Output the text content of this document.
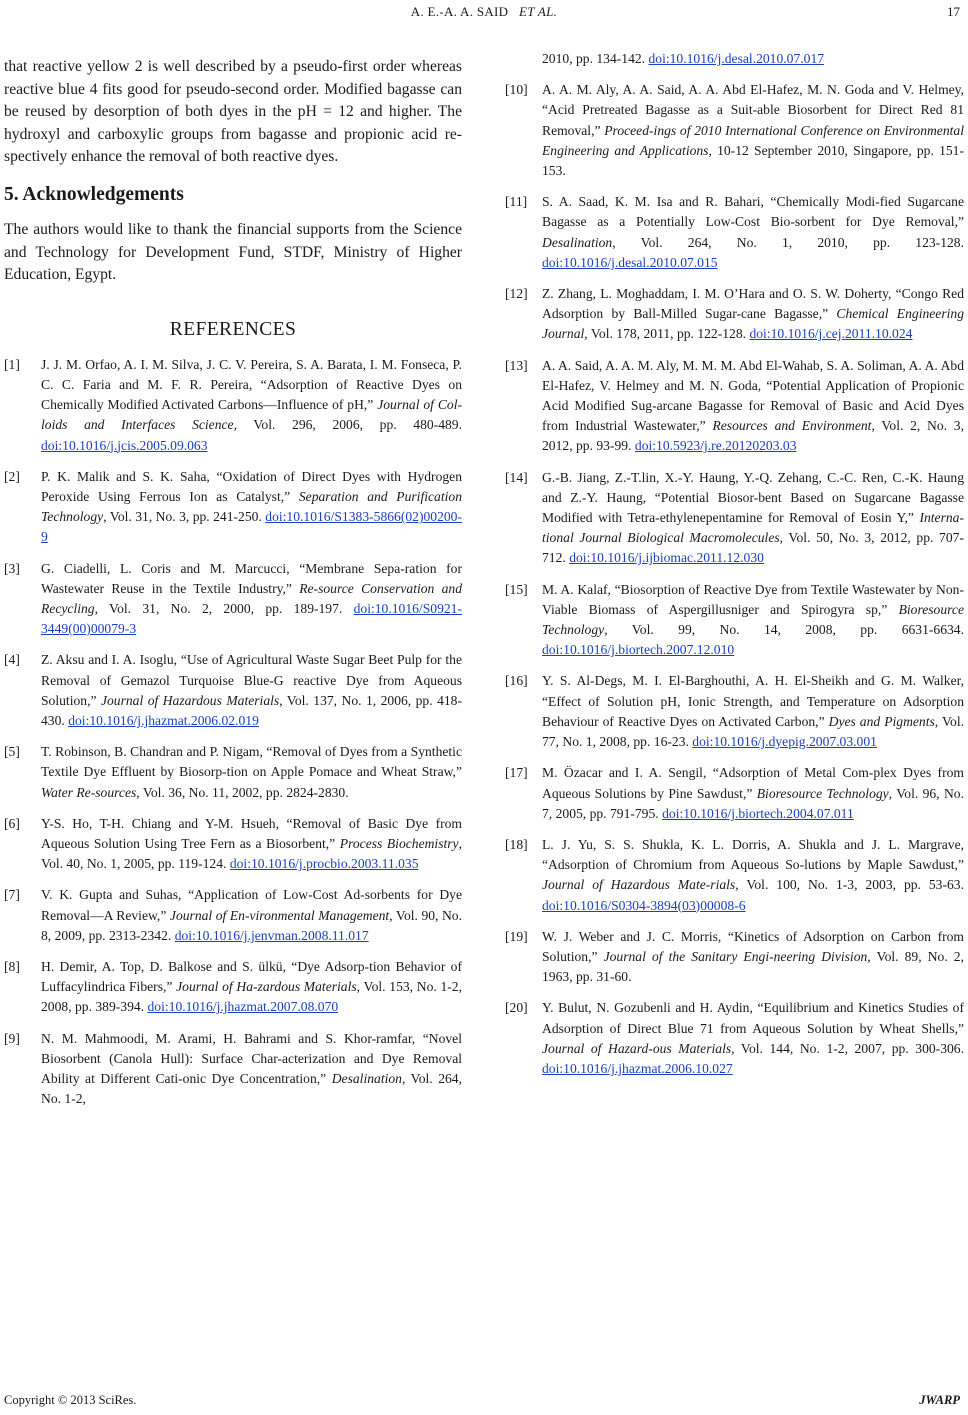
A. E.-A. A. SAID ET AL.	17

that reactive yellow 2 is well described by a pseudo-first order whereas reactive blue 4 fits good for pseudo-second order. Modified bagasse can be reused by desorption of both dyes in the pH = 12 and higher. The hydroxyl and carboxylic groups from bagasse and propionic acid re-spectively enhance the removal of both reactive dyes.

5. Acknowledgements

The authors would like to thank the financial supports from the Science and Technology for Development Fund, STDF, Ministry of Higher Education, Egypt.

REFERENCES
[1] J. J. M. Orfao, A. I. M. Silva, J. C. V. Pereira, S. A. Barata, I. M. Fonseca, P. C. C. Faria and M. F. R. Pereira, “Adsorption of Reactive Dyes on Chemically Modified Activated Carbons—Influence of pH,” Journal of Col-loids and Interfaces Science, Vol. 296, 2006, pp. 480-489. doi:10.1016/j.jcis.2005.09.063
[2] P. K. Malik and S. K. Saha, “Oxidation of Direct Dyes with Hydrogen Peroxide Using Ferrous Ion as Catalyst,” Separation and Purification Technology, Vol. 31, No. 3, pp. 241-250. doi:10.1016/S1383-5866(02)00200-9
[3] G. Ciadelli, L. Coris and M. Marcucci, “Membrane Sepa-ration for Wastewater Reuse in the Textile Industry,” Re-source Conservation and Recycling, Vol. 31, No. 2, 2000, pp. 189-197. doi:10.1016/S0921-3449(00)00079-3
[4] Z. Aksu and I. A. Isoglu, “Use of Agricultural Waste Sugar Beet Pulp for the Removal of Gemazol Turquoise Blue-G reactive Dye from Aqueous Solution,” Journal of Hazardous Materials, Vol. 137, No. 1, 2006, pp. 418-430. doi:10.1016/j.jhazmat.2006.02.019
[5] T. Robinson, B. Chandran and P. Nigam, “Removal of Dyes from a Synthetic Textile Dye Effluent by Biosorp-tion on Apple Pomace and Wheat Straw,” Water Re-sources, Vol. 36, No. 11, 2002, pp. 2824-2830.
[6] Y-S. Ho, T-H. Chiang and Y-M. Hsueh, “Removal of Basic Dye from Aqueous Solution Using Tree Fern as a Biosorbent,” Process Biochemistry, Vol. 40, No. 1, 2005, pp. 119-124. doi:10.1016/j.procbio.2003.11.035
[7] V. K. Gupta and Suhas, “Application of Low-Cost Ad-sorbents for Dye Removal—A Review,” Journal of En-vironmental Management, Vol. 90, No. 8, 2009, pp. 2313-2342. doi:10.1016/j.jenvman.2008.11.017
[8] H. Demir, A. Top, D. Balkose and S. ülkü, “Dye Adsorp-tion Behavior of Luffacylindrica Fibers,” Journal of Ha-zardous Materials, Vol. 153, No. 1-2, 2008, pp. 389-394. doi:10.1016/j.jhazmat.2007.08.070
[9] N. M. Mahmoodi, M. Arami, H. Bahrami and S. Khor-ramfar, “Novel Biosorbent (Canola Hull): Surface Char-acterization and Dye Removal Ability at Different Cati-onic Dye Concentration,” Desalination, Vol. 264, No. 1-2,
2010, pp. 134-142. doi:10.1016/j.desal.2010.07.017
[10] A. A. M. Aly, A. A. Said, A. A. Abd El-Hafez, M. N. Goda and V. Helmey, “Acid Pretreated Bagasse as a Suit-able Biosorbent for Direct Red 81 Removal,” Proceed-ings of 2010 International Conference on Environmental Engineering and Applications, 10-12 September 2010, Singapore, pp. 151-153.
[11] S. A. Saad, K. M. Isa and R. Bahari, “Chemically Modi-fied Sugarcane Bagasse as a Potentially Low-Cost Bio-sorbent for Dye Removal,” Desalination, Vol. 264, No. 1, 2010, pp. 123-128. doi:10.1016/j.desal.2010.07.015
[12] Z. Zhang, L. Moghaddam, I. M. O’Hara and O. S. W. Doherty, “Congo Red Adsorption by Ball-Milled Sugar-cane Bagasse,” Chemical Engineering Journal, Vol. 178, 2011, pp. 122-128. doi:10.1016/j.cej.2011.10.024
[13] A. A. Said, A. A. M. Aly, M. M. M. Abd El-Wahab, S. A. Soliman, A. A. Abd El-Hafez, V. Helmey and M. N. Goda, “Potential Application of Propionic Acid Modified Sug-arcane Bagasse for Removal of Basic and Acid Dyes from Industrial Wastewater,” Resources and Environment, Vol. 2, No. 3, 2012, pp. 93-99. doi:10.5923/j.re.20120203.03
[14] G.-B. Jiang, Z.-T.lin, X.-Y. Haung, Y.-Q. Zehang, C.-C. Ren, C.-K. Haung and Z.-Y. Haung, “Potential Biosor-bent Based on Sugarcane Bagasse Modified with Tetra-ethylenepentamine for Removal of Eosin Y,” Interna-tional Journal Biological Macromolecules, Vol. 50, No. 3, 2012, pp. 707-712. doi:10.1016/j.ijbiomac.2011.12.030
[15] M. A. Kalaf, “Biosorption of Reactive Dye from Textile Wastewater by Non-Viable Biomass of Aspergillusniger and Spirogyra sp,” Bioresource Technology, Vol. 99, No. 14, 2008, pp. 6631-6634. doi:10.1016/j.biortech.2007.12.010
[16] Y. S. Al-Degs, M. I. El-Barghouthi, A. H. El-Sheikh and G. M. Walker, “Effect of Solution pH, Ionic Strength, and Temperature on Adsorption Behaviour of Reactive Dyes on Activated Carbon,” Dyes and Pigments, Vol. 77, No. 1, 2008, pp. 16-23. doi:10.1016/j.dyepig.2007.03.001
[17] M. Özacar and I. A. Sengil, “Adsorption of Metal Com-plex Dyes from Aqueous Solutions by Pine Sawdust,” Bioresource Technology, Vol. 96, No. 7, 2005, pp. 791-795. doi:10.1016/j.biortech.2004.07.011
[18] L. J. Yu, S. S. Shukla, K. L. Dorris, A. Shukla and J. L. Margrave, “Adsorption of Chromium from Aqueous So-lutions by Maple Sawdust,” Journal of Hazardous Mate-rials, Vol. 100, No. 1-3, 2003, pp. 53-63. doi:10.1016/S0304-3894(03)00008-6
[19] W. J. Weber and J. C. Morris, “Kinetics of Adsorption on Carbon from Solution,” Journal of the Sanitary Engi-neering Division, Vol. 89, No. 2, 1963, pp. 31-60.
[20] Y. Bulut, N. Gozubenli and H. Aydin, “Equilibrium and Kinetics Studies of Adsorption of Direct Blue 71 from Aqueous Solution by Wheat Shells,” Journal of Hazard-ous Materials, Vol. 144, No. 1-2, 2007, pp. 300-306. doi:10.1016/j.jhazmat.2006.10.027
Copyright © 2013 SciRes.	JWARP
